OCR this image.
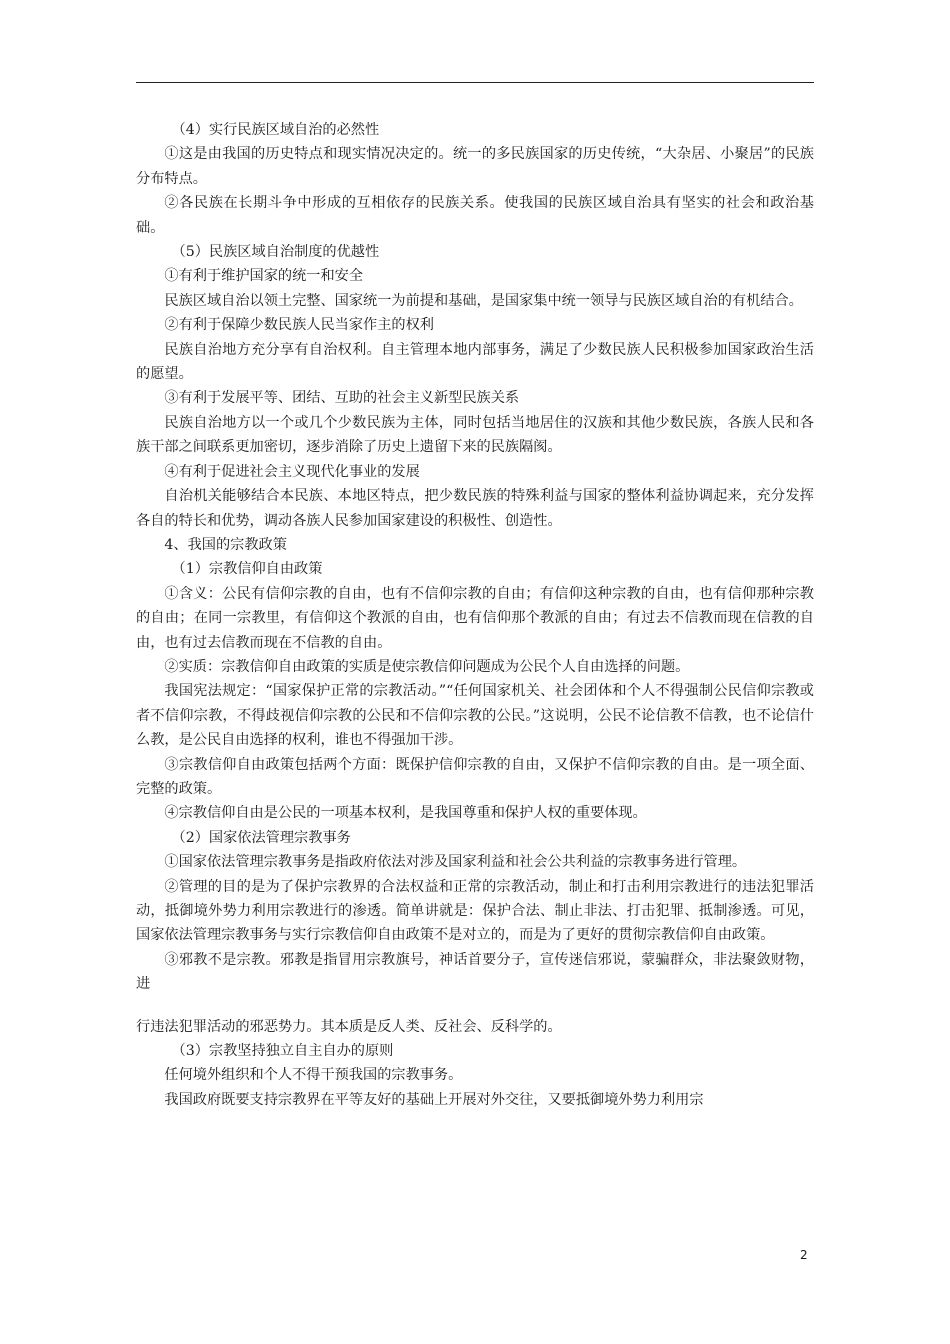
（4）实行民族区域自治的必然性

①这是由我国的历史特点和现实情况决定的。统一的多民族国家的历史传统，“大杂居、小聚居”的民族分布特点。

②各民族在长期斗争中形成的互相依存的民族关系。使我国的民族区域自治具有坚实的社会和政治基础。

（5）民族区域自治制度的优越性

①有利于维护国家的统一和安全

民族区域自治以领土完整、国家统一为前提和基础，是国家集中统一领导与民族区域自治的有机结合。

②有利于保障少数民族人民当家作主的权利

民族自治地方充分享有自治权利。自主管理本地内部事务，满足了少数民族人民积极参加国家政治生活的愿望。

③有利于发展平等、团结、互助的社会主义新型民族关系

民族自治地方以一个或几个少数民族为主体，同时包括当地居住的汉族和其他少数民族，各族人民和各族干部之间联系更加密切，逐步消除了历史上遗留下来的民族隔阂。

④有利于促进社会主义现代化事业的发展

自治机关能够结合本民族、本地区特点，把少数民族的特殊利益与国家的整体利益协调起来，充分发挥各自的特长和优势，调动各族人民参加国家建设的积极性、创造性。

4、我国的宗教政策

（1）宗教信仰自由政策

①含义：公民有信仰宗教的自由，也有不信仰宗教的自由；有信仰这种宗教的自由，也有信仰那种宗教的自由；在同一宗教里，有信仰这个教派的自由，也有信仰那个教派的自由；有过去不信教而现在信教的自由，也有过去信教而现在不信教的自由。

②实质：宗教信仰自由政策的实质是使宗教信仰问题成为公民个人自由选择的问题。

我国宪法规定：“国家保护正常的宗教活动。”“任何国家机关、社会团体和个人不得强制公民信仰宗教或者不信仰宗教，不得歧视信仰宗教的公民和不信仰宗教的公民。”这说明，公民不论信教不信教，也不论信什么教，是公民自由选择的权利，谁也不得强加干涉。

③宗教信仰自由政策包括两个方面：既保护信仰宗教的自由，又保护不信仰宗教的自由。是一项全面、完整的政策。

④宗教信仰自由是公民的一项基本权利，是我国尊重和保护人权的重要体现。

（2）国家依法管理宗教事务

①国家依法管理宗教事务是指政府依法对涉及国家利益和社会公共利益的宗教事务进行管理。

②管理的目的是为了保护宗教界的合法权益和正常的宗教活动，制止和打击利用宗教进行的违法犯罪活动，抵御境外势力利用宗教进行的渗透。简单讲就是：保护合法、制止非法、打击犯罪、抵制渗透。可见，国家依法管理宗教事务与实行宗教信仰自由政策不是对立的，而是为了更好的贯彻宗教信仰自由政策。

③邪教不是宗教。邪教是指冒用宗教旗号，神话首要分子，宣传迷信邪说，蒙骗群众，非法聚敛财物，进

行违法犯罪活动的邪恶势力。其本质是反人类、反社会、反科学的。

（3）宗教坚持独立自主自办的原则

任何境外组织和个人不得干预我国的宗教事务。

我国政府既要支持宗教界在平等友好的基础上开展对外交往，又要抵御境外势力利用宗

2
